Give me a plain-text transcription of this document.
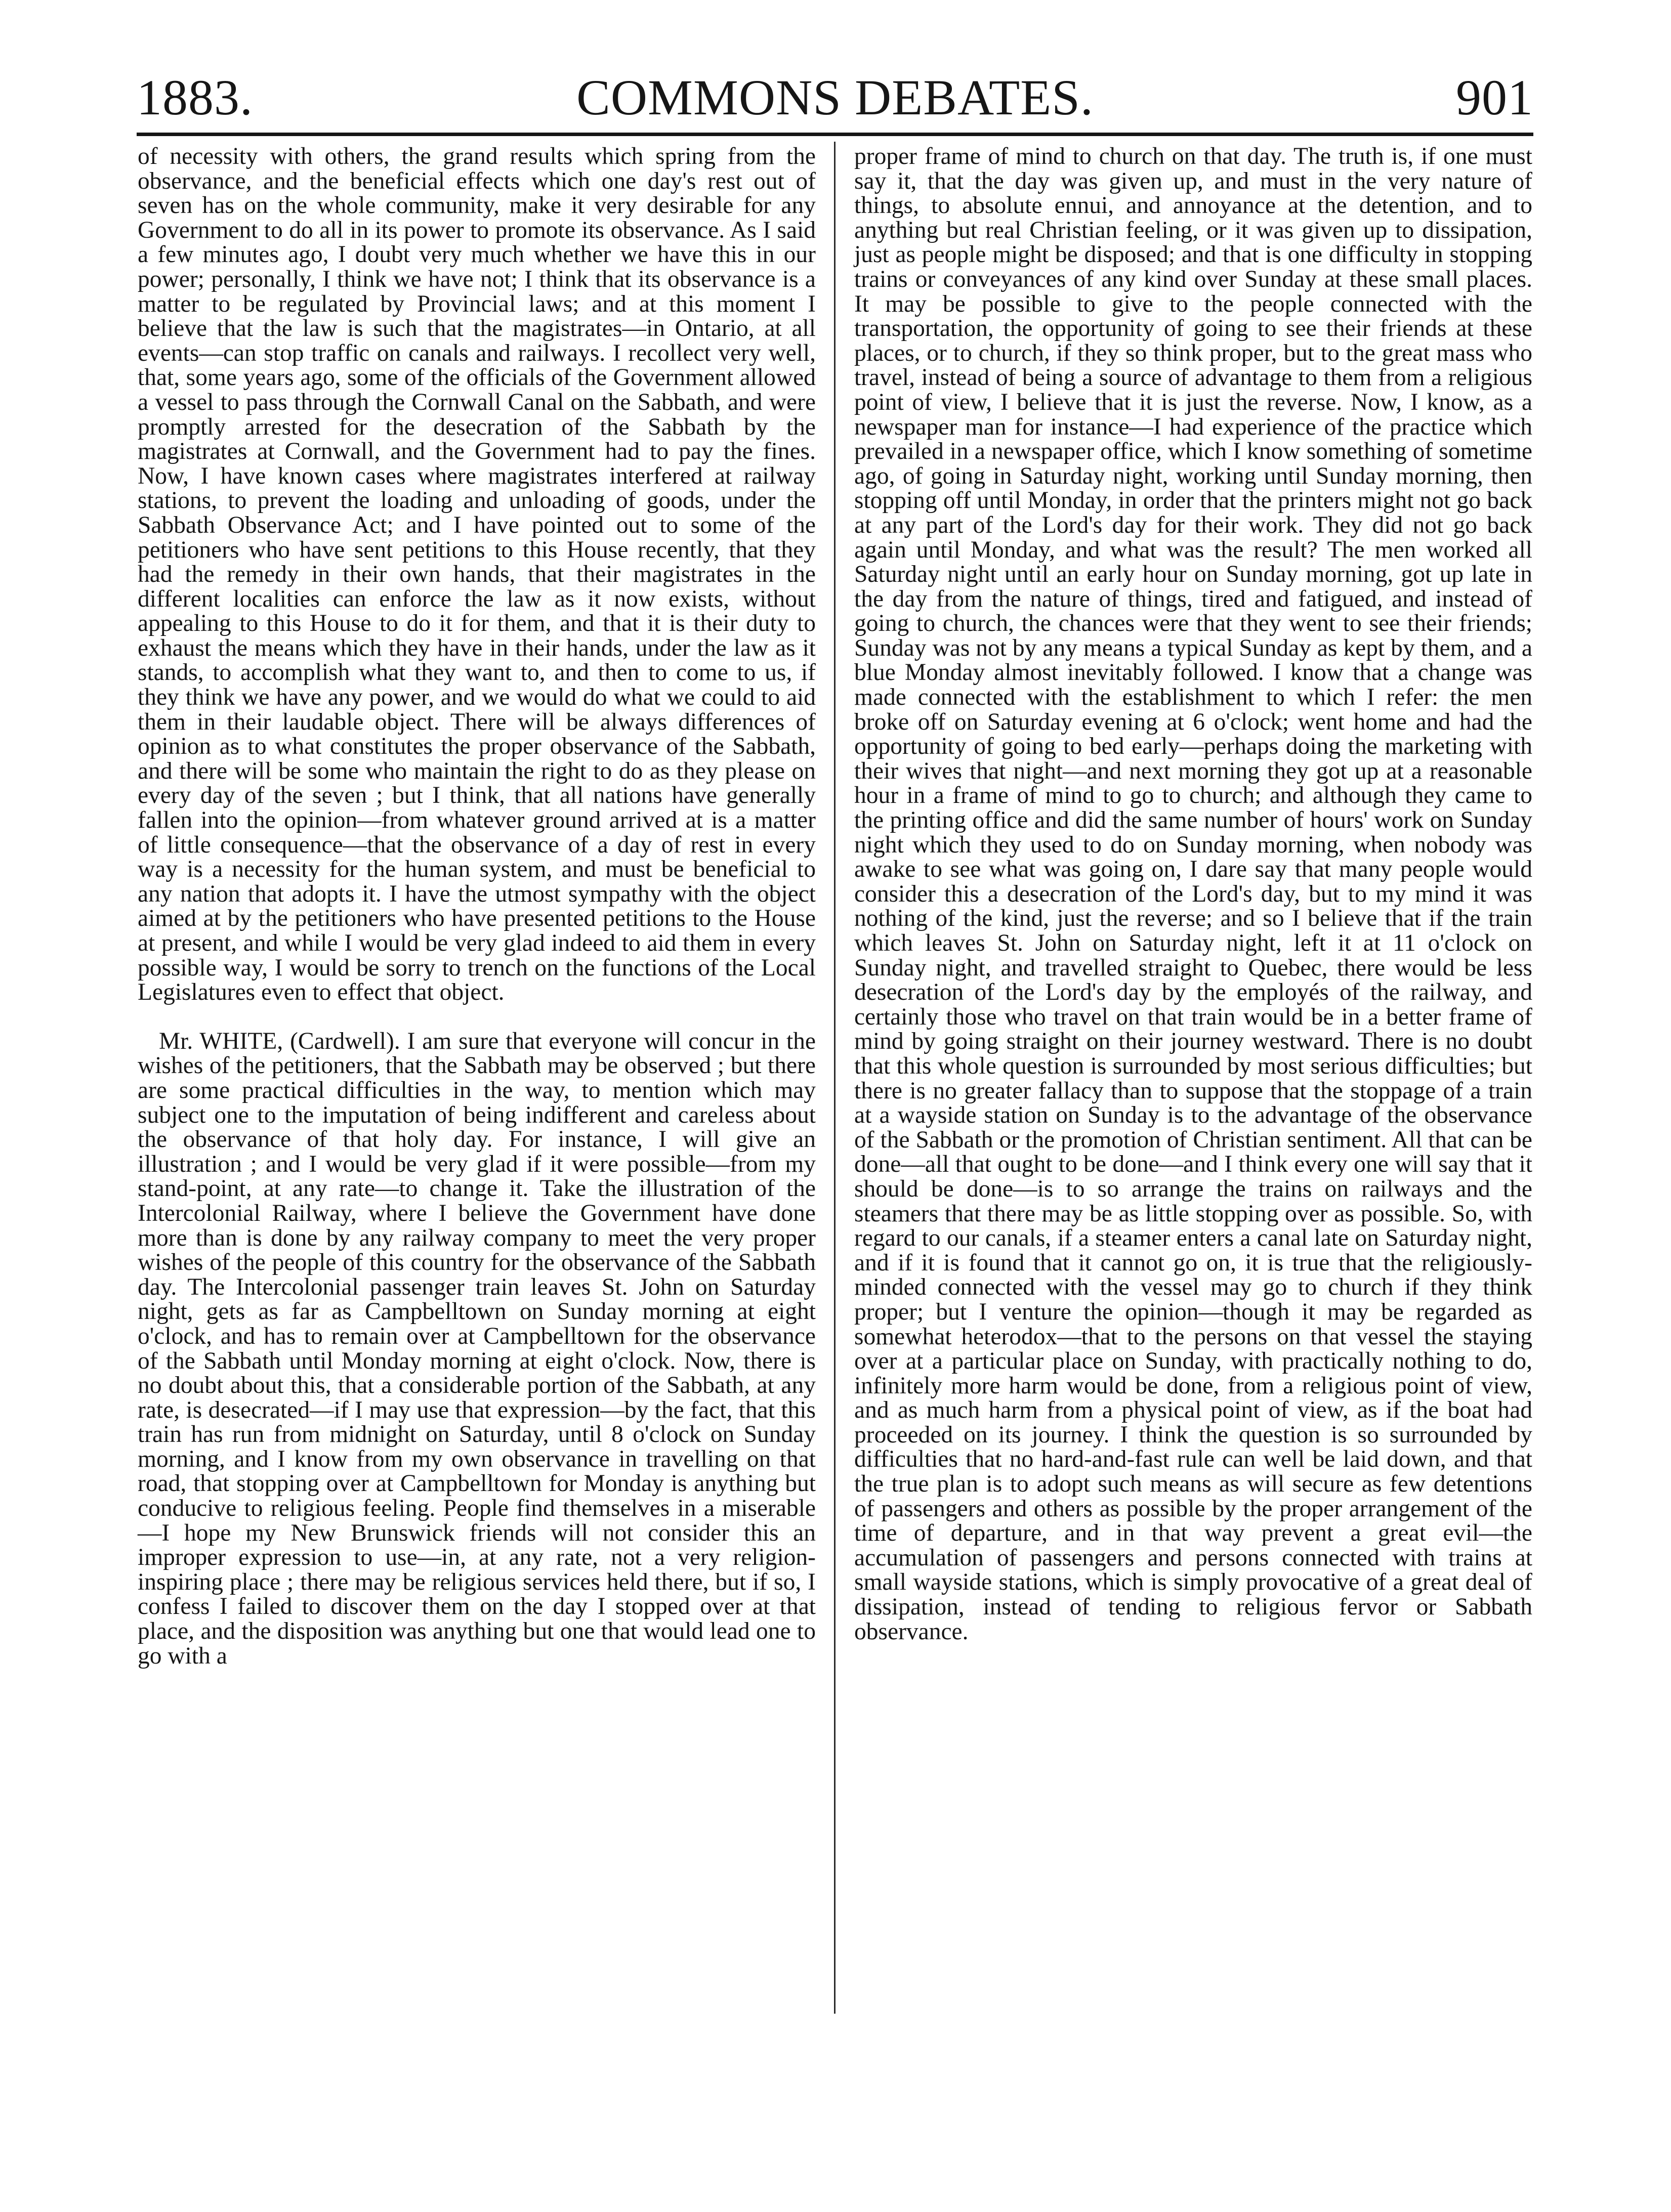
1883.	COMMONS DEBATES.	901

of necessity with others, the grand results which spring from the observance, and the beneficial effects which one day's rest out of seven has on the whole community, make it very desirable for any Government to do all in its power to promote its observance. As I said a few minutes ago, I doubt very much whether we have this in our power; personally, I think we have not; I think that its observance is a matter to be regulated by Provincial laws; and at this moment I believe that the law is such that the magistrates—in Ontario, at all events—can stop traffic on canals and railways. I recollect very well, that, some years ago, some of the officials of the Government allowed a vessel to pass through the Cornwall Canal on the Sabbath, and were promptly arrested for the desecration of the Sabbath by the magistrates at Cornwall, and the Government had to pay the fines. Now, I have known cases where magistrates interfered at railway stations, to prevent the loading and unloading of goods, under the Sabbath Observance Act; and I have pointed out to some of the petitioners who have sent petitions to this House recently, that they had the remedy in their own hands, that their magistrates in the different localities can enforce the law as it now exists, without appealing to this House to do it for them, and that it is their duty to exhaust the means which they have in their hands, under the law as it stands, to accomplish what they want to, and then to come to us, if they think we have any power, and we would do what we could to aid them in their laudable object. There will be always differences of opinion as to what constitutes the proper observance of the Sabbath, and there will be some who maintain the right to do as they please on every day of the seven ; but I think, that all nations have generally fallen into the opinion—from whatever ground arrived at is a matter of little consequence—that the observance of a day of rest in every way is a necessity for the human system, and must be beneficial to any nation that adopts it. I have the utmost sympathy with the object aimed at by the petitioners who have presented petitions to the House at present, and while I would be very glad indeed to aid them in every possible way, I would be sorry to trench on the functions of the Local Legislatures even to effect that object.

Mr. WHITE, (Cardwell). I am sure that everyone will concur in the wishes of the petitioners, that the Sabbath may be observed ; but there are some practical difficulties in the way, to mention which may subject one to the imputation of being indifferent and careless about the observance of that holy day. For instance, I will give an illustration ; and I would be very glad if it were possible—from my stand-point, at any rate—to change it. Take the illustration of the Intercolonial Railway, where I believe the Government have done more than is done by any railway company to meet the very proper wishes of the people of this country for the observance of the Sabbath day. The Intercolonial passenger train leaves St. John on Saturday night, gets as far as Campbelltown on Sunday morning at eight o'clock, and has to remain over at Campbelltown for the observance of the Sabbath until Monday morning at eight o'clock. Now, there is no doubt about this, that a considerable portion of the Sabbath, at any rate, is desecrated—if I may use that expression—by the fact, that this train has run from midnight on Saturday, until 8 o'clock on Sunday morning, and I know from my own observance in travelling on that road, that stopping over at Campbelltown for Monday is anything but conducive to religious feeling. People find themselves in a miserable—I hope my New Brunswick friends will not consider this an improper expression to use—in, at any rate, not a very religion-inspiring place ; there may be religious services held there, but if so, I confess I failed to discover them on the day I stopped over at that place, and the disposition was anything but one that would lead one to go with a

proper frame of mind to church on that day. The truth is, if one must say it, that the day was given up, and must in the very nature of things, to absolute ennui, and annoyance at the detention, and to anything but real Christian feeling, or it was given up to dissipation, just as people might be disposed; and that is one difficulty in stopping trains or conveyances of any kind over Sunday at these small places. It may be possible to give to the people connected with the transportation, the opportunity of going to see their friends at these places, or to church, if they so think proper, but to the great mass who travel, instead of being a source of advantage to them from a religious point of view, I believe that it is just the reverse. Now, I know, as a newspaper man for instance—I had experience of the practice which prevailed in a newspaper office, which I know something of sometime ago, of going in Saturday night, working until Sunday morning, then stopping off until Monday, in order that the printers might not go back at any part of the Lord's day for their work. They did not go back again until Monday, and what was the result? The men worked all Saturday night until an early hour on Sunday morning, got up late in the day from the nature of things, tired and fatigued, and instead of going to church, the chances were that they went to see their friends; Sunday was not by any means a typical Sunday as kept by them, and a blue Monday almost inevitably followed. I know that a change was made connected with the establishment to which I refer: the men broke off on Saturday evening at 6 o'clock; went home and had the opportunity of going to bed early—perhaps doing the marketing with their wives that night—and next morning they got up at a reasonable hour in a frame of mind to go to church; and although they came to the printing office and did the same number of hours' work on Sunday night which they used to do on Sunday morning, when nobody was awake to see what was going on, I dare say that many people would consider this a desecration of the Lord's day, but to my mind it was nothing of the kind, just the reverse; and so I believe that if the train which leaves St. John on Saturday night, left it at 11 o'clock on Sunday night, and travelled straight to Quebec, there would be less desecration of the Lord's day by the employés of the railway, and certainly those who travel on that train would be in a better frame of mind by going straight on their journey westward. There is no doubt that this whole question is surrounded by most serious difficulties; but there is no greater fallacy than to suppose that the stoppage of a train at a wayside station on Sunday is to the advantage of the observance of the Sabbath or the promotion of Christian sentiment. All that can be done—all that ought to be done—and I think every one will say that it should be done—is to so arrange the trains on railways and the steamers that there may be as little stopping over as possible. So, with regard to our canals, if a steamer enters a canal late on Saturday night, and if it is found that it cannot go on, it is true that the religiously-minded connected with the vessel may go to church if they think proper; but I venture the opinion—though it may be regarded as somewhat heterodox—that to the persons on that vessel the staying over at a particular place on Sunday, with practically nothing to do, infinitely more harm would be done, from a religious point of view, and as much harm from a physical point of view, as if the boat had proceeded on its journey. I think the question is so surrounded by difficulties that no hard-and-fast rule can well be laid down, and that the true plan is to adopt such means as will secure as few detentions of passengers and others as possible by the proper arrangement of the time of departure, and in that way prevent a great evil—the accumulation of passengers and persons connected with trains at small wayside stations, which is simply provocative of a great deal of dissipation, instead of tending to religious fervor or Sabbath observance.
